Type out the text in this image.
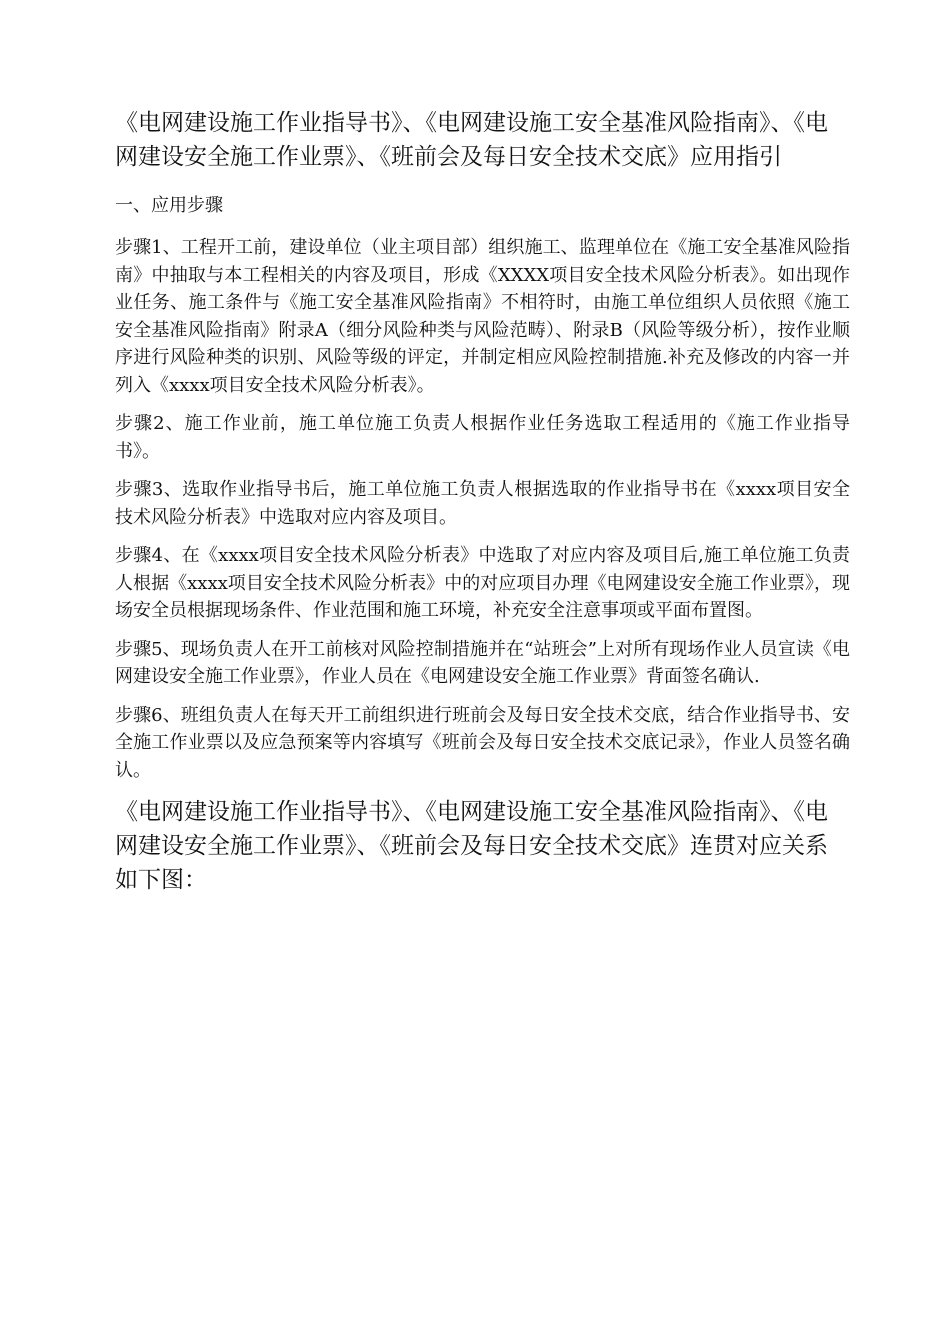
《电网建设施工作业指导书》、《电网建设施工安全基准风险指南》、《电网建设安全施工作业票》、《班前会及每日安全技术交底》应用指引

一、应用步骤

步骤1、工程开工前，建设单位（业主项目部）组织施工、监理单位在《施工安全基准风险指南》中抽取与本工程相关的内容及项目，形成《XXXX项目安全技术风险分析表》。如出现作业任务、施工条件与《施工安全基准风险指南》不相符时，由施工单位组织人员依照《施工安全基准风险指南》附录A（细分风险种类与风险范畴）、附录B（风险等级分析），按作业顺序进行风险种类的识别、风险等级的评定，并制定相应风险控制措施.补充及修改的内容一并列入《xxxx项目安全技术风险分析表》。

步骤2、施工作业前，施工单位施工负责人根据作业任务选取工程适用的《施工作业指导书》。

步骤3、选取作业指导书后，施工单位施工负责人根据选取的作业指导书在《xxxx项目安全技术风险分析表》中选取对应内容及项目。

步骤4、在《xxxx项目安全技术风险分析表》中选取了对应内容及项目后,施工单位施工负责人根据《xxxx项目安全技术风险分析表》中的对应项目办理《电网建设安全施工作业票》，现场安全员根据现场条件、作业范围和施工环境，补充安全注意事项或平面布置图。

步骤5、现场负责人在开工前核对风险控制措施并在“站班会”上对所有现场作业人员宣读《电网建设安全施工作业票》，作业人员在《电网建设安全施工作业票》背面签名确认.

步骤6、班组负责人在每天开工前组织进行班前会及每日安全技术交底，结合作业指导书、安全施工作业票以及应急预案等内容填写《班前会及每日安全技术交底记录》，作业人员签名确认。

《电网建设施工作业指导书》、《电网建设施工安全基准风险指南》、《电网建设安全施工作业票》、《班前会及每日安全技术交底》连贯对应关系如下图：
